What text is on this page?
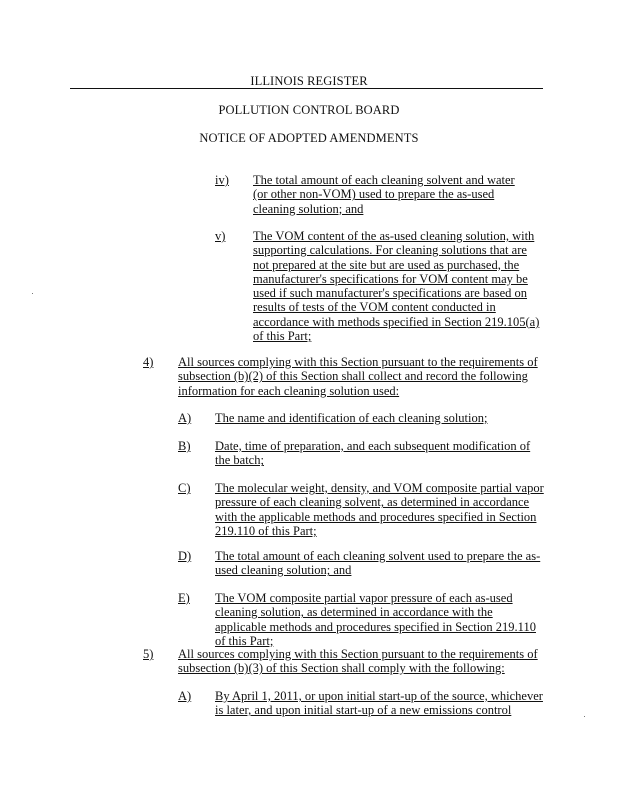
ILLINOIS REGISTER
POLLUTION CONTROL BOARD
NOTICE OF ADOPTED AMENDMENTS
iv) The total amount of each cleaning solvent and water (or other non-VOM) used to prepare the as-used cleaning solution; and
v) The VOM content of the as-used cleaning solution, with supporting calculations. For cleaning solutions that are not prepared at the site but are used as purchased, the manufacturer's specifications for VOM content may be used if such manufacturer's specifications are based on results of tests of the VOM content conducted in accordance with methods specified in Section 219.105(a) of this Part;
4) All sources complying with this Section pursuant to the requirements of subsection (b)(2) of this Section shall collect and record the following information for each cleaning solution used:
A) The name and identification of each cleaning solution;
B) Date, time of preparation, and each subsequent modification of the batch;
C) The molecular weight, density, and VOM composite partial vapor pressure of each cleaning solvent, as determined in accordance with the applicable methods and procedures specified in Section 219.110 of this Part;
D) The total amount of each cleaning solvent used to prepare the as-used cleaning solution; and
E) The VOM composite partial vapor pressure of each as-used cleaning solution, as determined in accordance with the applicable methods and procedures specified in Section 219.110 of this Part;
5) All sources complying with this Section pursuant to the requirements of subsection (b)(3) of this Section shall comply with the following:
A) By April 1, 2011, or upon initial start-up of the source, whichever is later, and upon initial start-up of a new emissions control
